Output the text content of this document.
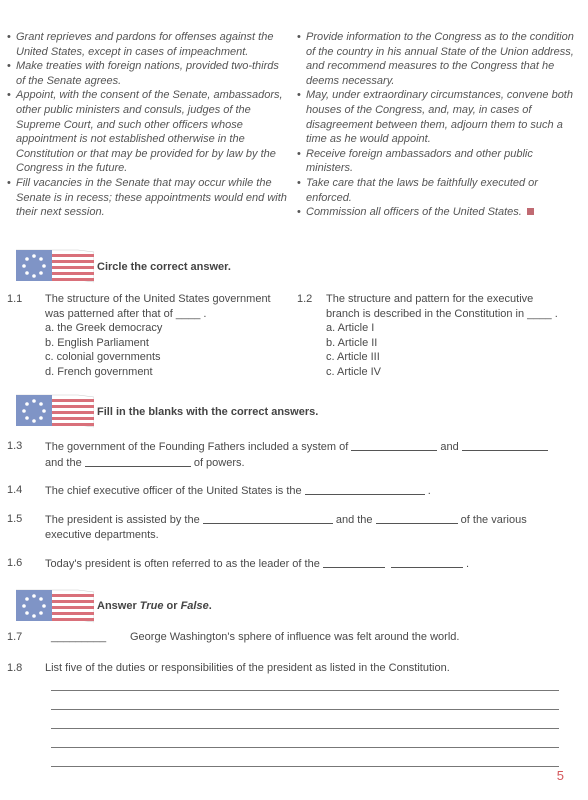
• Grant reprieves and pardons for offenses against the United States, except in cases of impeachment.
• Make treaties with foreign nations, provided two-thirds of the Senate agrees.
• Appoint, with the consent of the Senate, ambassadors, other public ministers and consuls, judges of the Supreme Court, and such other officers whose appointment is not established otherwise in the Constitution or that may be provided for by law by the Congress in the future.
• Fill vacancies in the Senate that may occur while the Senate is in recess; these appointments would end with their next session.
• Provide information to the Congress as to the condition of the country in his annual State of the Union address, and recommend measures to the Congress that he deems necessary.
• May, under extraordinary circumstances, convene both houses of the Congress, and, may, in cases of disagreement between them, adjourn them to such a time as he would appoint.
• Receive foreign ambassadors and other public ministers.
• Take care that the laws be faithfully executed or enforced.
• Commission all officers of the United States.
Circle the correct answer.
1.1 The structure of the United States government
was patterned after that of ____ .
a. the Greek democracy
b. English Parliament
c. colonial governments
d. French government
1.2 The structure and pattern for the executive
branch is described in the Constitution in ____ .
a. Article I
b. Article II
c. Article III
c. Article IV
Fill in the blanks with the correct answers.
1.3 The government of the Founding Fathers included a system of	and
and the	of powers.
1.4 The chief executive officer of the United States is the	.
1.5 The president is assisted by the	and the	of the various
executive departments.
1.6 Today's president is often referred to as the leader of the	.
Answer True or False.
1.7	_________ George Washington's sphere of influence was felt around the world.
1.8 List five of the duties or responsibilities of the president as listed in the Constitution.
5
